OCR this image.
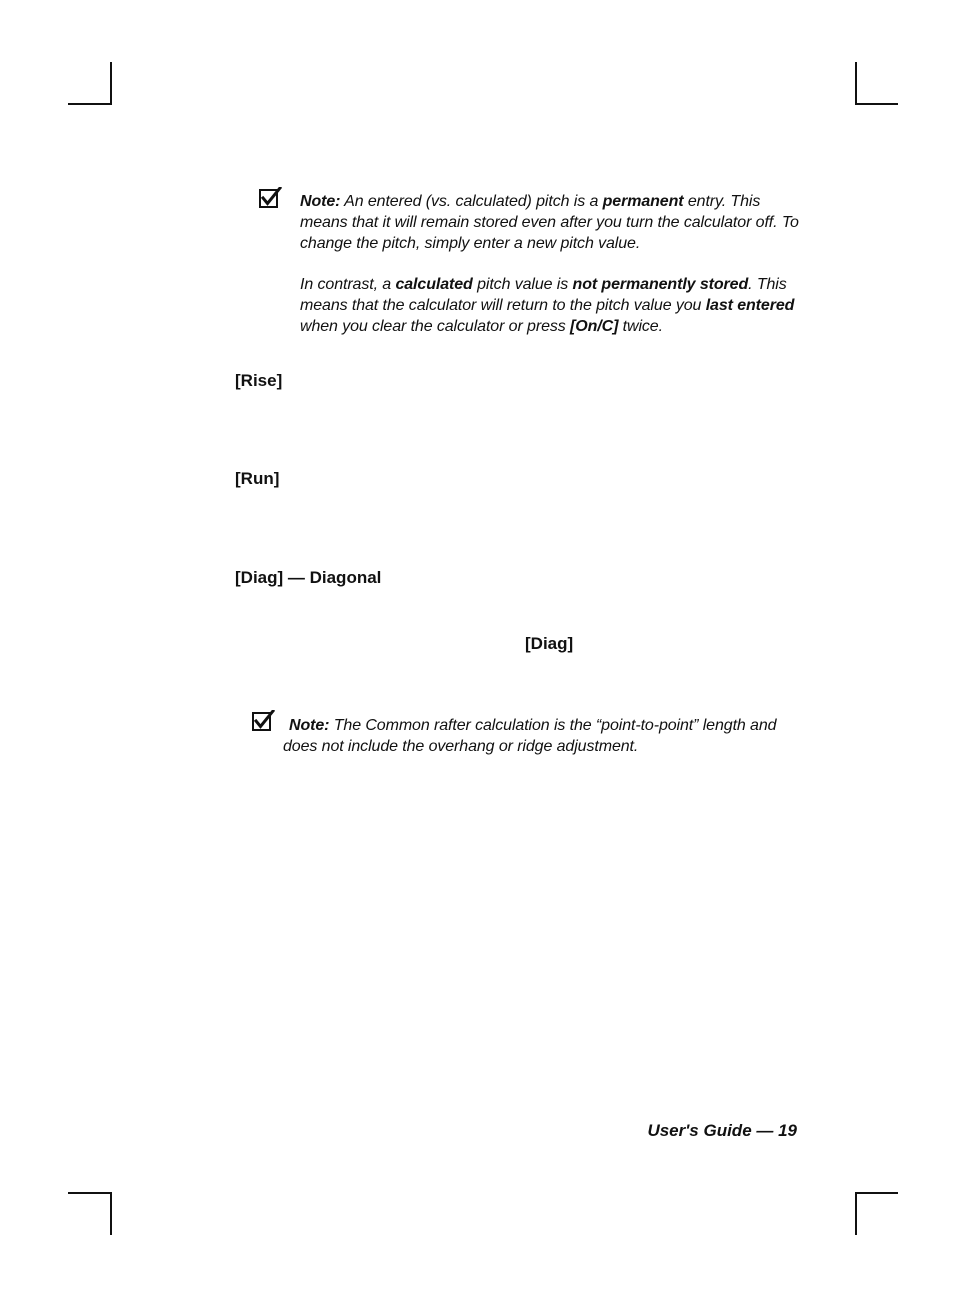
Note: An entered (vs. calculated) pitch is a permanent entry. This means that it will remain stored even after you turn the calculator off. To change the pitch, simply enter a new pitch value.

In contrast, a calculated pitch value is not permanently stored. This means that the calculator will return to the pitch value you last entered when you clear the calculator or press [On/C] twice.

[Rise]
[Run]
[Diag] — Diagonal
[Diag]

Note: The Common rafter calculation is the “point-to-point” length and does not include the overhang or ridge adjustment.

User's Guide — 19
